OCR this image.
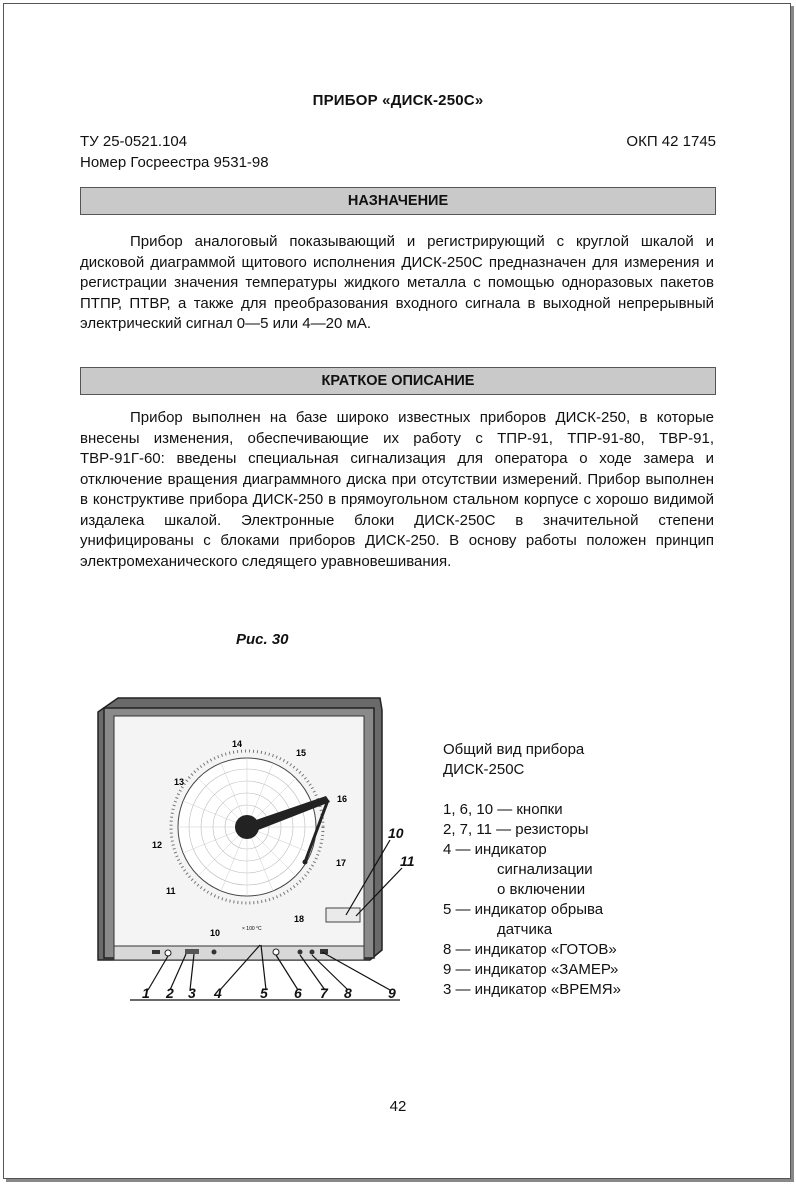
ПРИБОР «ДИСК-250С»
ТУ 25-0521.104
Номер Госреестра 9531-98
ОКП 42 1745
НАЗНАЧЕНИЕ

Прибор аналоговый показывающий и регистрирующий с круглой шкалой и дисковой диаграммой щитового исполнения ДИСК-250С предназначен для измерения и регистрации значения температуры жидкого металла с помощью одноразовых пакетов ПТПР, ПТВР, а также для преобразования входного сигнала в выходной непрерывный электрический сигнал 0—5 или 4—20 мА.

КРАТКОЕ ОПИСАНИЕ

Прибор выполнен на базе широко известных приборов ДИСК-250, в которые внесены изменения, обеспечивающие их работу с ТПР-91, ТПР-91-80, ТВР-91, ТВР-91Г-60: введены специальная сигнализация для оператора о ходе замера и отключение вращения диаграммного диска при отсутствии измерений. Прибор выполнен в конструктиве прибора ДИСК-250 в прямоугольном стальном корпусе с хорошо видимой издалека шкалой. Электронные блоки ДИСК-250С в значительной степени унифицированы с блоками приборов ДИСК-250. В основу работы положен принцип электромеханического следящего уравновешивания.

Рис. 30
11
12
13
14
15
16
17
18
10	× 100 °С
1 2 3 4	5 6 7 8	9
10
11
Общий вид прибора
ДИСК-250С
1, 6, 10 — кнопки
2, 7, 11 — резисторы
4 — индикатор
сигнализации
о включении
5 — индикатор обрыва
датчика
8 — индикатор «ГОТОВ»
9 — индикатор «ЗАМЕР»
3 — индикатор «ВРЕМЯ»
42
